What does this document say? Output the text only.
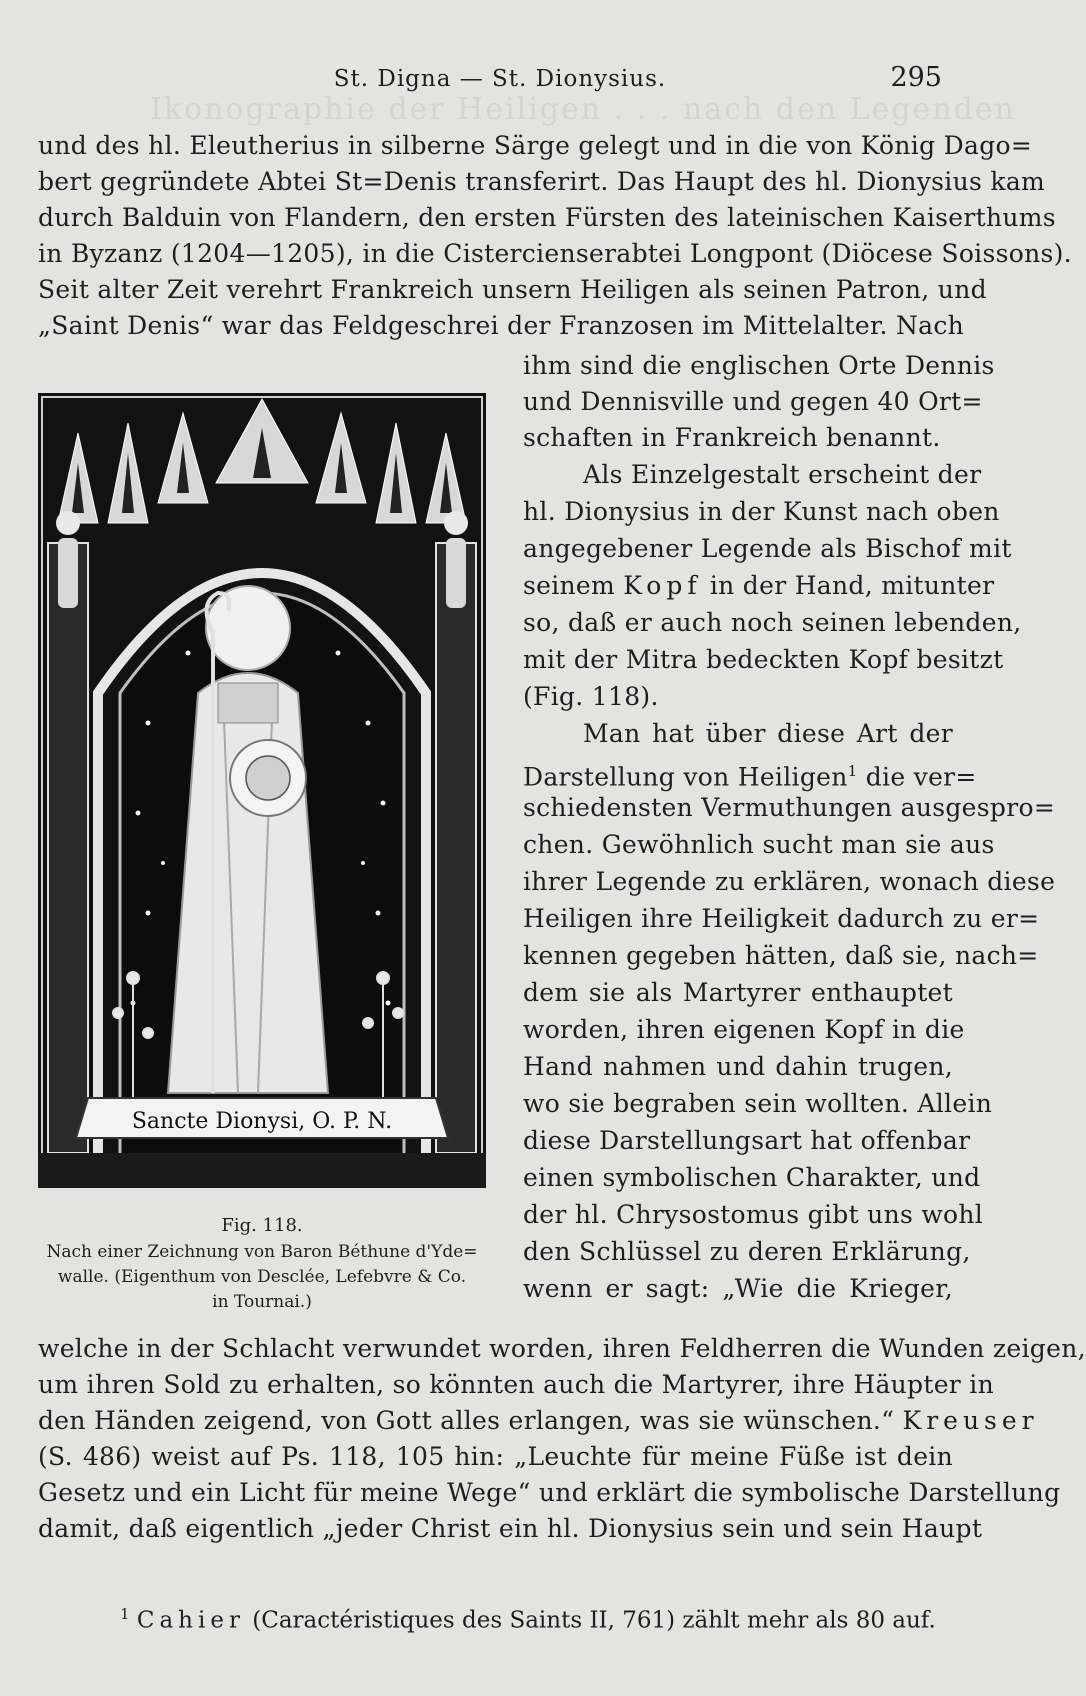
Ikonographie der Heiligen . . . nach den Legenden
St. Digna — St. Dionysius.	295
und des hl. Eleutherius in silberne Särge gelegt und in die von König Dago=
bert gegründete Abtei St=Denis transferirt. Das Haupt des hl. Dionysius kam
durch Balduin von Flandern, den ersten Fürsten des lateinischen Kaiserthums
in Byzanz (1204—1205), in die Cistercienserabtei Longpont (Diöcese Soissons).
Seit alter Zeit verehrt Frankreich unsern Heiligen als seinen Patron, und
„Saint Denis“ war das Feldgeschrei der Franzosen im Mittelalter. Nach
ihm sind die englischen Orte Dennis
und Dennisville und gegen 40 Ort=
schaften in Frankreich benannt.
Als Einzelgestalt erscheint der
hl. Dionysius in der Kunst nach oben
angegebener Legende als Bischof mit
seinem Kopf in der Hand, mitunter
so, daß er auch noch seinen lebenden,
mit der Mitra bedeckten Kopf besitzt
(Fig. 118).
Man hat über diese Art der
Darstellung von Heiligen$^1$ die ver=
schiedensten Vermuthungen ausgespro=
chen. Gewöhnlich sucht man sie aus
ihrer Legende zu erklären, wonach diese
Heiligen ihre Heiligkeit dadurch zu er=
kennen gegeben hätten, daß sie, nach=
dem sie als Martyrer enthauptet
worden, ihren eigenen Kopf in die
Hand nahmen und dahin trugen,
wo sie begraben sein wollten. Allein
diese Darstellungsart hat offenbar
einen symbolischen Charakter, und
der hl. Chrysostomus gibt uns wohl
den Schlüssel zu deren Erklärung,
wenn er sagt: „Wie die Krieger,
Sancte Dionysi, O. P. N.
Fig. 118.
Nach einer Zeichnung von Baron Béthune d'Yde=
walle. (Eigenthum von Desclée, Lefebvre & Co.
in Tournai.)
welche in der Schlacht verwundet worden, ihren Feldherren die Wunden zeigen,
um ihren Sold zu erhalten, so könnten auch die Martyrer, ihre Häupter in
den Händen zeigend, von Gott alles erlangen, was sie wünschen.“ Kreuser
(S. 486) weist auf Ps. 118, 105 hin: „Leuchte für meine Füße ist dein
Gesetz und ein Licht für meine Wege“ und erklärt die symbolische Darstellung
damit, daß eigentlich „jeder Christ ein hl. Dionysius sein und sein Haupt
$^1$ Cahier (Caractéristiques des Saints II, 761) zählt mehr als 80 auf.
